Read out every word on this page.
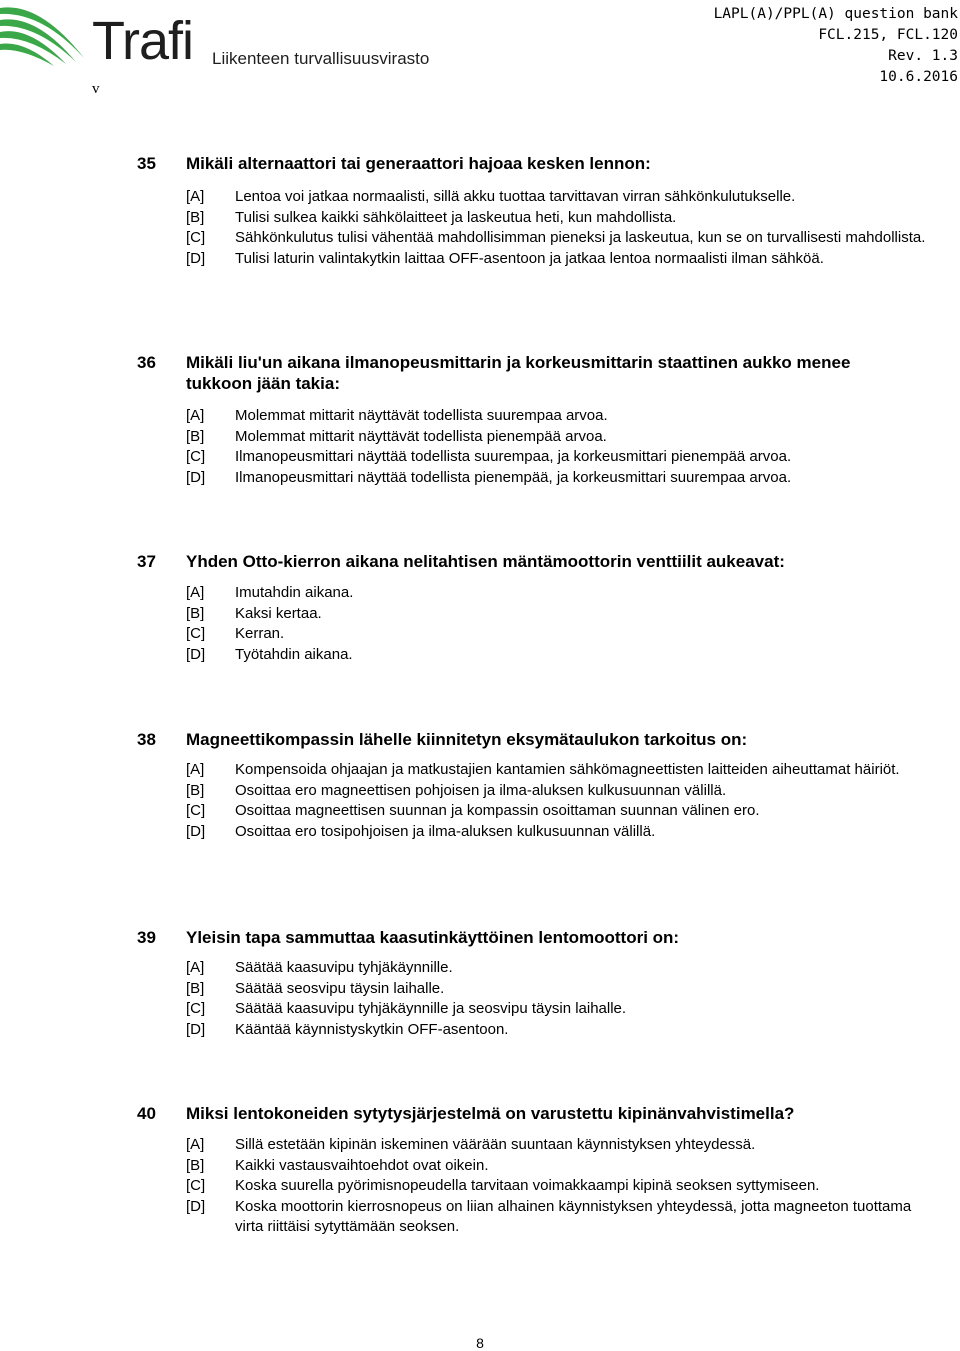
Trafi Liikenteen turvallisuusvirasto
v
LAPL(A)/PPL(A) question bank
FCL.215, FCL.120
Rev. 1.3
10.6.2016
35 Mikäli alternaattori tai generaattori hajoaa kesken lennon:
[A] Lentoa voi jatkaa normaalisti, sillä akku tuottaa tarvittavan virran sähkönkulutukselle.
[B] Tulisi sulkea kaikki sähkölaitteet ja laskeutua heti, kun mahdollista.
[C] Sähkönkulutus tulisi vähentää mahdollisimman pieneksi ja laskeutua, kun se on turvallisesti mahdollista.
[D] Tulisi laturin valintakytkin laittaa OFF-asentoon ja jatkaa lentoa normaalisti ilman sähköä.
36 Mikäli liu'un aikana ilmanopeusmittarin ja korkeusmittarin staattinen aukko menee tukkoon jään takia:
[A] Molemmat mittarit näyttävät todellista suurempaa arvoa.
[B] Molemmat mittarit näyttävät todellista pienempää arvoa.
[C] Ilmanopeusmittari näyttää todellista suurempaa, ja korkeusmittari pienempää arvoa.
[D] Ilmanopeusmittari näyttää todellista pienempää, ja korkeusmittari suurempaa arvoa.
37 Yhden Otto-kierron aikana nelitahtisen mäntämoottorin venttiilit aukeavat:
[A] Imutahdin aikana.
[B] Kaksi kertaa.
[C] Kerran.
[D] Työtahdin aikana.
38 Magneettikompassin lähelle kiinnitetyn eksymätaulukon tarkoitus on:
[A] Kompensoida ohjaajan ja matkustajien kantamien sähkömagneettisten laitteiden aiheuttamat häiriöt.
[B] Osoittaa ero magneettisen pohjoisen ja ilma-aluksen kulkusuunnan välillä.
[C] Osoittaa magneettisen suunnan ja kompassin osoittaman suunnan välinen ero.
[D] Osoittaa ero tosipohjoisen ja ilma-aluksen kulkusuunnan välillä.
39 Yleisin tapa sammuttaa kaasutinkäyttöinen lentomoottori on:
[A] Säätää kaasuvipu tyhjäkäynnille.
[B] Säätää seosvipu täysin laihalle.
[C] Säätää kaasuvipu tyhjäkäynnille ja seosvipu täysin laihalle.
[D] Kääntää käynnistyskytkin OFF-asentoon.
40 Miksi lentokoneiden sytytysjärjestelmä on varustettu kipinänvahvistimella?
[A] Sillä estetään kipinän iskeminen väärään suuntaan käynnistyksen yhteydessä.
[B] Kaikki vastausvaihtoehdot ovat oikein.
[C] Koska suurella pyörimisnopeudella tarvitaan voimakkaampi kipinä seoksen syttymiseen.
[D] Koska moottorin kierrosnopeus on liian alhainen käynnistyksen yhteydessä, jotta magneeton tuottama virta riittäisi sytyttämään seoksen.
8
